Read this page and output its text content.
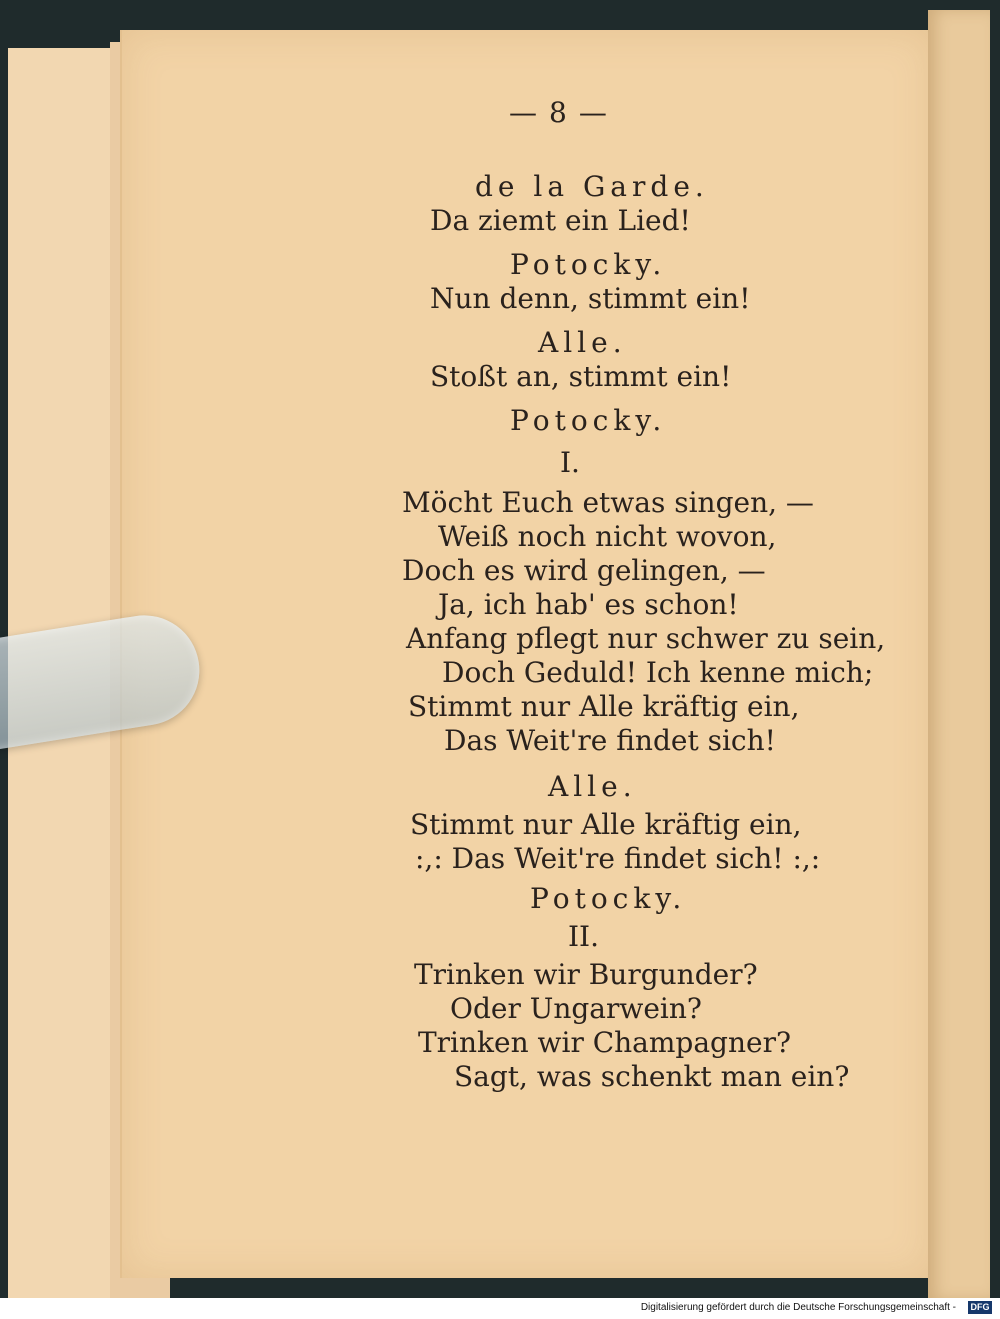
— 8 —
de la Garde.
Da ziemt ein Lied!
Potocky.
Nun denn, stimmt ein!
Alle.
Stoßt an, stimmt ein!
Potocky.
I.
Möcht Euch etwas singen, —
Weiß noch nicht wovon,
Doch es wird gelingen, —
Ja, ich hab' es schon!
Anfang pflegt nur schwer zu sein,
Doch Geduld! Ich kenne mich;
Stimmt nur Alle kräftig ein,
Das Weit're findet sich!
Alle.
Stimmt nur Alle kräftig ein,
:,: Das Weit're findet sich! :,:
Potocky.
II.
Trinken wir Burgunder?
Oder Ungarwein?
Trinken wir Champagner?
Sagt, was schenkt man ein?
Digitalisierung gefördert durch die Deutsche Forschungsgemeinschaft - DFG
